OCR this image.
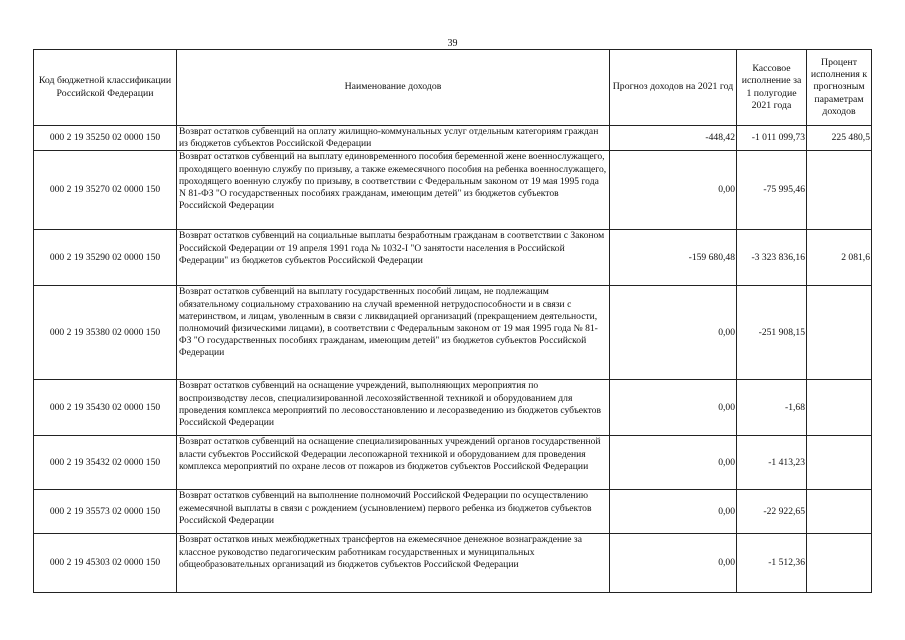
39
Код бюджетной классификации Российской Федерации	Наименование доходов	Прогноз доходов на 2021 год	Кассовое исполнение за 1 полугодие 2021 года	Процент исполнения к прогнозным параметрам доходов
000 2 19 35250 02 0000 150	Возврат остатков субвенций на оплату жилищно-коммунальных услуг отдельным категориям граждан из бюджетов субъектов Российской Федерации	-448,42	-1 011 099,73	225 480,5
000 2 19 35270 02 0000 150	Возврат остатков субвенций на выплату единовременного пособия беременной жене военнослужащего, проходящего военную службу по призыву, а также ежемесячного пособия на ребенка военнослужащего, проходящего военную службу по призыву, в соответствии с Федеральным законом от 19 мая 1995 года N 81-ФЗ "О государственных пособиях гражданам, имеющим детей" из бюджетов субъектов Российской Федерации	0,00	-75 995,46	
000 2 19 35290 02 0000 150	Возврат остатков субвенций на социальные выплаты безработным гражданам в соответствии с Законом Российской Федерации от 19 апреля 1991 года № 1032-I "О занятости населения в Российской Федерации" из бюджетов субъектов Российской Федерации	-159 680,48	-3 323 836,16	2 081,6
000 2 19 35380 02 0000 150	Возврат остатков субвенций на выплату государственных пособий лицам, не подлежащим обязательному социальному страхованию на случай временной нетрудоспособности и в связи с материнством, и лицам, уволенным в связи с ликвидацией организаций (прекращением деятельности, полномочий физическими лицами), в соответствии с Федеральным законом от 19 мая 1995 года № 81-ФЗ "О государственных пособиях гражданам, имеющим детей" из бюджетов субъектов Российской Федерации	0,00	-251 908,15	
000 2 19 35430 02 0000 150	Возврат остатков субвенций на оснащение учреждений, выполняющих мероприятия по воспроизводству лесов, специализированной лесохозяйственной техникой и оборудованием для проведения комплекса мероприятий по лесовосстановлению и лесоразведению из бюджетов субъектов Российской Федерации	0,00	-1,68	
000 2 19 35432 02 0000 150	Возврат остатков субвенций на оснащение специализированных учреждений органов государственной власти субъектов Российской Федерации лесопожарной техникой и оборудованием для проведения комплекса мероприятий по охране лесов от пожаров из бюджетов субъектов Российской Федерации	0,00	-1 413,23	
000 2 19 35573 02 0000 150	Возврат остатков субвенций на выполнение полномочий Российской Федерации по осуществлению ежемесячной выплаты в связи с рождением (усыновлением) первого ребенка из бюджетов субъектов Российской Федерации	0,00	-22 922,65	
000 2 19 45303 02 0000 150	Возврат остатков иных межбюджетных трансфертов на ежемесячное денежное вознаграждение за классное руководство педагогическим работникам государственных и муниципальных общеобразовательных организаций из бюджетов субъектов Российской Федерации	0,00	-1 512,36	
